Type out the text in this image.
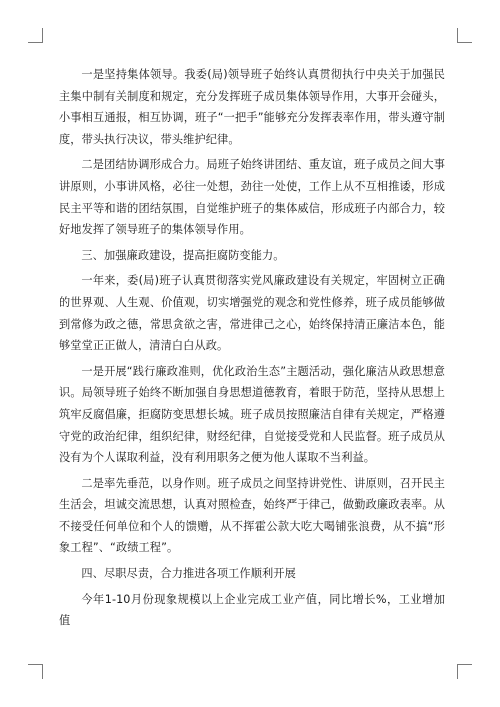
一是坚持集体领导。我委(局)领导班子始终认真贯彻执行中央关于加强民主集中制有关制度和规定，充分发挥班子成员集体领导作用，大事开会碰头，小事相互通报，相互协调，班子“一把手”能够充分发挥表率作用，带头遵守制度，带头执行决议，带头维护纪律。

二是团结协调形成合力。局班子始终讲团结、重友谊，班子成员之间大事讲原则，小事讲风格，必往一处想，劲往一处使，工作上从不互相推诿，形成民主平等和谐的团结氛围，自觉维护班子的集体威信，形成班子内部合力，较好地发挥了领导班子的集体领导作用。

三、加强廉政建设，提高拒腐防变能力。

一年来，委(局)班子认真贯彻落实党风廉政建设有关规定，牢固树立正确的世界观、人生观、价值观，切实增强党的观念和党性修养，班子成员能够做到常修为政之德，常思贪欲之害，常进律己之心，始终保持清正廉洁本色，能够堂堂正正做人，清清白白从政。

一是开展“践行廉政准则，优化政治生态”主题活动，强化廉洁从政思想意识。局领导班子始终不断加强自身思想道德教育，着眼于防范，坚持从思想上筑牢反腐倡廉，拒腐防变思想长城。班子成员按照廉洁自律有关规定，严格遵守党的政治纪律，组织纪律，财经纪律，自觉接受党和人民监督。班子成员从没有为个人谋取利益，没有利用职务之便为他人谋取不当利益。

二是率先垂范，以身作则。班子成员之间坚持讲党性、讲原则，召开民主生活会，坦诚交流思想，认真对照检查，始终严于律己，做勤政廉政表率。从不接受任何单位和个人的馈赠，从不挥霍公款大吃大喝铺张浪费，从不搞“形象工程”、“政绩工程”。

四、尽职尽责，合力推进各项工作顺利开展

今年1-10月份现象规模以上企业完成工业产值，同比增长%，工业增加值
